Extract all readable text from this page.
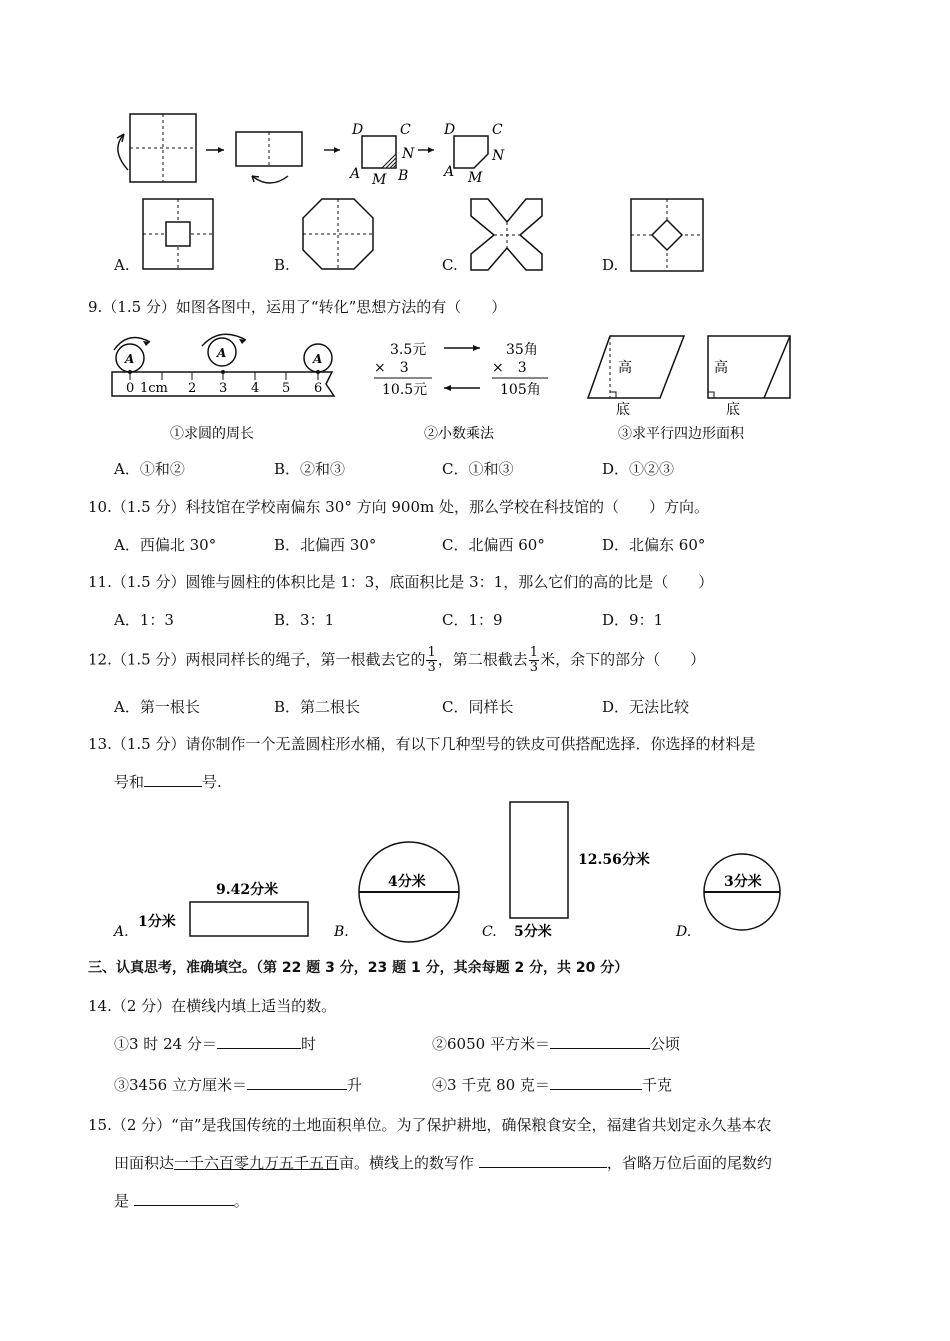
D	C
N
A M B
D	C
N
A M
A.	B.	C.	D.
9.（1.5 分）如图各图中，运用了“转化”思想方法的有（　　）
A	A	A
0 1cm 2 3 4 5 6
①求圆的周长
3.5元	35角
×　3	×　3
10.5元	105角
②小数乘法
高
底
高
底
③求平行四边形面积
A．①和②	B．②和③	C．①和③	D．①②③
10.（1.5 分）科技馆在学校南偏东 30° 方向 900m 处，那么学校在科技馆的（　　）方向。
A．西偏北 30°	B．北偏西 30°	C．北偏西 60°	D．北偏东 60°
11.（1.5 分）圆锥与圆柱的体积比是 1：3，底面积比是 3：1，那么它们的高的比是（　　）
A．1：3	B．3：1	C．1：9	D．9：1
12.（1.5 分）两根同样长的绳子，第一根截去它的 $\frac{1}{3}$ ，第二根截去 $\frac{1}{3}$ 米，余下的部分（　　）
A．第一根长	B．第二根长	C．同样长	D．无法比较
13.（1.5 分）请你制作一个无盖圆柱形水桶，有以下几种型号的铁皮可供搭配选择．你选择的材料是
号和	号.
A.
9.42分米
1分米
B.
4分米
C.
12.56分米
5分米	D.
3分米
三、认真思考，准确填空。（第 22 题 3 分，23 题 1 分，其余每题 2 分，共 20 分）
14.（2 分）在横线内填上适当的数。
①3 时 24 分＝	时	②6050 平方米＝	公顷
③3456 立方厘米＝	升	④3 千克 80 克＝	千克
15.（2 分）“亩”是我国传统的土地面积单位。为了保护耕地，确保粮食安全，福建省共划定永久基本农
田面积达一千六百零九万五千五百亩。横线上的数写作	，省略万位后面的尾数约
是	。
